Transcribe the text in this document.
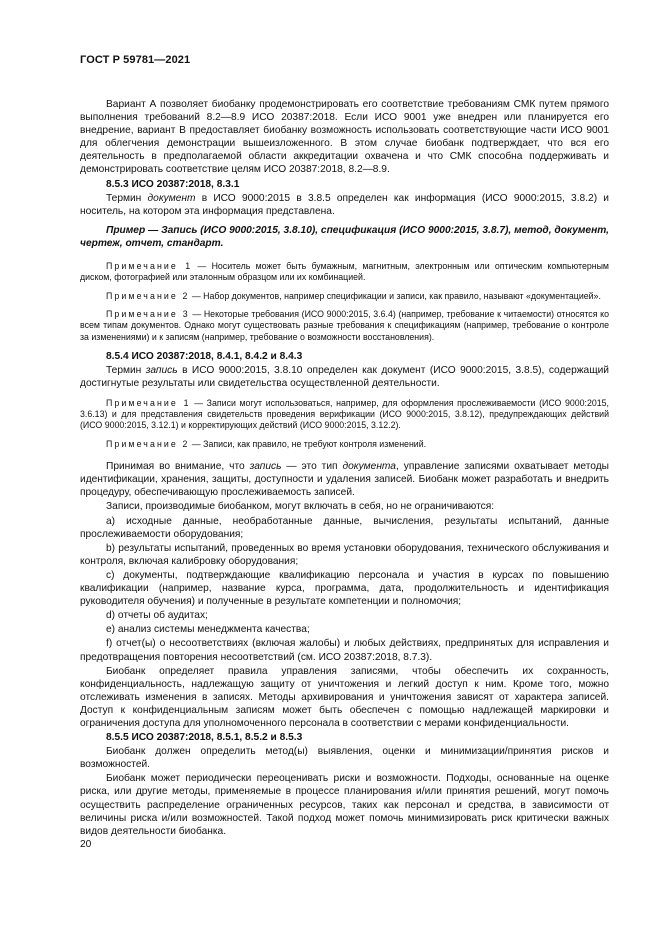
ГОСТ Р 59781—2021

Вариант А позволяет биобанку продемонстрировать его соответствие требованиям СМК путем прямого выполнения требований 8.2—8.9 ИСО 20387:2018. Если ИСО 9001 уже внедрен или планируется его внедрение, вариант В предоставляет биобанку возможность использовать соответствующие части ИСО 9001 для облегчения демонстрации вышеизложенного. В этом случае биобанк подтверждает, что вся его деятельность в предполагаемой области аккредитации охвачена и что СМК способна поддерживать и демонстрировать соответствие целям ИСО 20387:2018, 8.2—8.9.

8.5.3 ИСО 20387:2018, 8.3.1

Термин документ в ИСО 9000:2015 в 3.8.5 определен как информация (ИСО 9000:2015, 3.8.2) и носитель, на котором эта информация представлена.

Пример — Запись (ИСО 9000:2015, 3.8.10), спецификация (ИСО 9000:2015, 3.8.7), метод, документ, чертеж, отчет, стандарт.

Примечание 1 — Носитель может быть бумажным, магнитным, электронным или оптическим компьютерным диском, фотографией или эталонным образцом или их комбинацией.

Примечание 2 — Набор документов, например спецификации и записи, как правило, называют «документацией».

Примечание 3 — Некоторые требования (ИСО 9000:2015, 3.6.4) (например, требование к читаемости) относятся ко всем типам документов. Однако могут существовать разные требования к спецификациям (например, требование о контроле за изменениями) и к записям (например, требование о возможности восстановления).

8.5.4 ИСО 20387:2018, 8.4.1, 8.4.2 и 8.4.3

Термин запись в ИСО 9000:2015, 3.8.10 определен как документ (ИСО 9000:2015, 3.8.5), содержащий достигнутые результаты или свидетельства осуществленной деятельности.

Примечание 1 — Записи могут использоваться, например, для оформления прослеживаемости (ИСО 9000:2015, 3.6.13) и для представления свидетельств проведения верификации (ИСО 9000:2015, 3.8.12), предупреждающих действий (ИСО 9000:2015, 3.12.1) и корректирующих действий (ИСО 9000:2015, 3.12.2).

Примечание 2 — Записи, как правило, не требуют контроля изменений.

Принимая во внимание, что запись — это тип документа, управление записями охватывает методы идентификации, хранения, защиты, доступности и удаления записей. Биобанк может разработать и внедрить процедуру, обеспечивающую прослеживаемость записей.

Записи, производимые биобанком, могут включать в себя, но не ограничиваются:

a) исходные данные, необработанные данные, вычисления, результаты испытаний, данные прослеживаемости оборудования;

b) результаты испытаний, проведенных во время установки оборудования, технического обслуживания и контроля, включая калибровку оборудования;

c) документы, подтверждающие квалификацию персонала и участия в курсах по повышению квалификации (например, название курса, программа, дата, продолжительность и идентификация руководителя обучения) и полученные в результате компетенции и полномочия;

d) отчеты об аудитах;

e) анализ системы менеджмента качества;

f) отчет(ы) о несоответствиях (включая жалобы) и любых действиях, предпринятых для исправления и предотвращения повторения несоответствий (см. ИСО 20387:2018, 8.7.3).

Биобанк определяет правила управления записями, чтобы обеспечить их сохранность, конфиденциальность, надлежащую защиту от уничтожения и легкий доступ к ним. Кроме того, можно отслеживать изменения в записях. Методы архивирования и уничтожения зависят от характера записей. Доступ к конфиденциальным записям может быть обеспечен с помощью надлежащей маркировки и ограничения доступа для уполномоченного персонала в соответствии с мерами конфиденциальности.

8.5.5 ИСО 20387:2018, 8.5.1, 8.5.2 и 8.5.3

Биобанк должен определить метод(ы) выявления, оценки и минимизации/принятия рисков и возможностей.

Биобанк может периодически переоценивать риски и возможности. Подходы, основанные на оценке риска, или другие методы, применяемые в процессе планирования и/или принятия решений, могут помочь осуществить распределение ограниченных ресурсов, таких как персонал и средства, в зависимости от величины риска и/или возможностей. Такой подход может помочь минимизировать риск критически важных видов деятельности биобанка.

20
